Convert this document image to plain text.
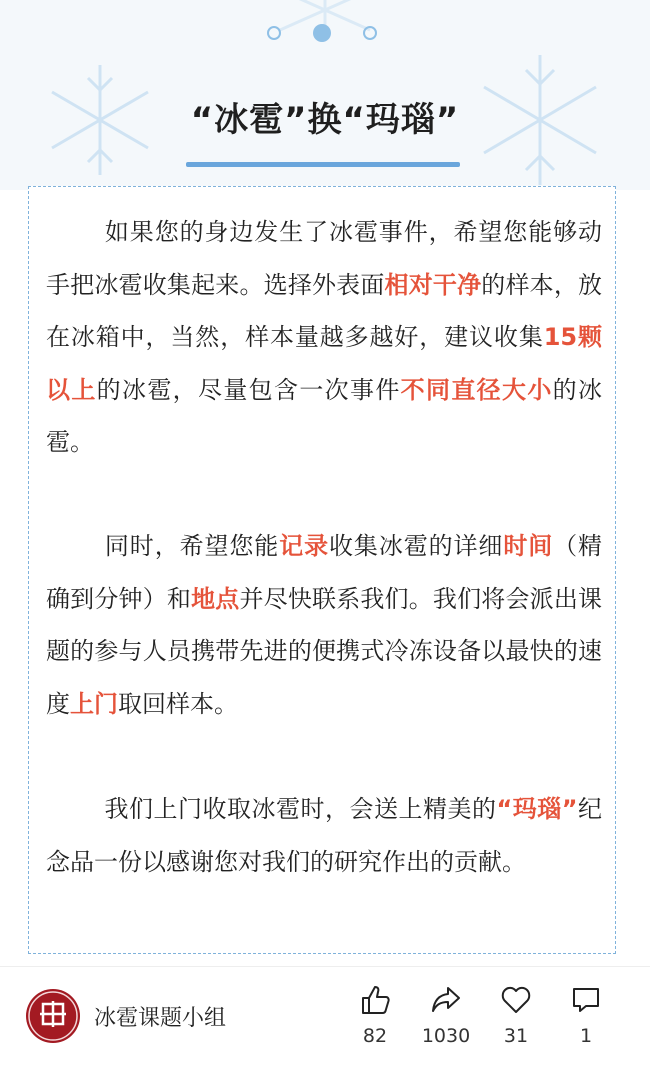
“冰雹”换“玛瑙”
如果您的身边发生了冰雹事件，希望您能够动手把冰雹收集起来。选择外表面相对干净的样本，放在冰箱中，当然，样本量越多越好，建议收集15颗以上的冰雹，尽量包含一次事件不同直径大小的冰雹。
同时，希望您能记录收集冰雹的详细时间（精确到分钟）和地点并尽快联系我们。我们将会派出课题的参与人员携带先进的便携式冷冻设备以最快的速度上门取回样本。
我们上门收取冰雹时，会送上精美的“玛瑙”纪念品一份以感谢您对我们的研究作出的贡献。
冰雹课题小组
82	1030	31	1
